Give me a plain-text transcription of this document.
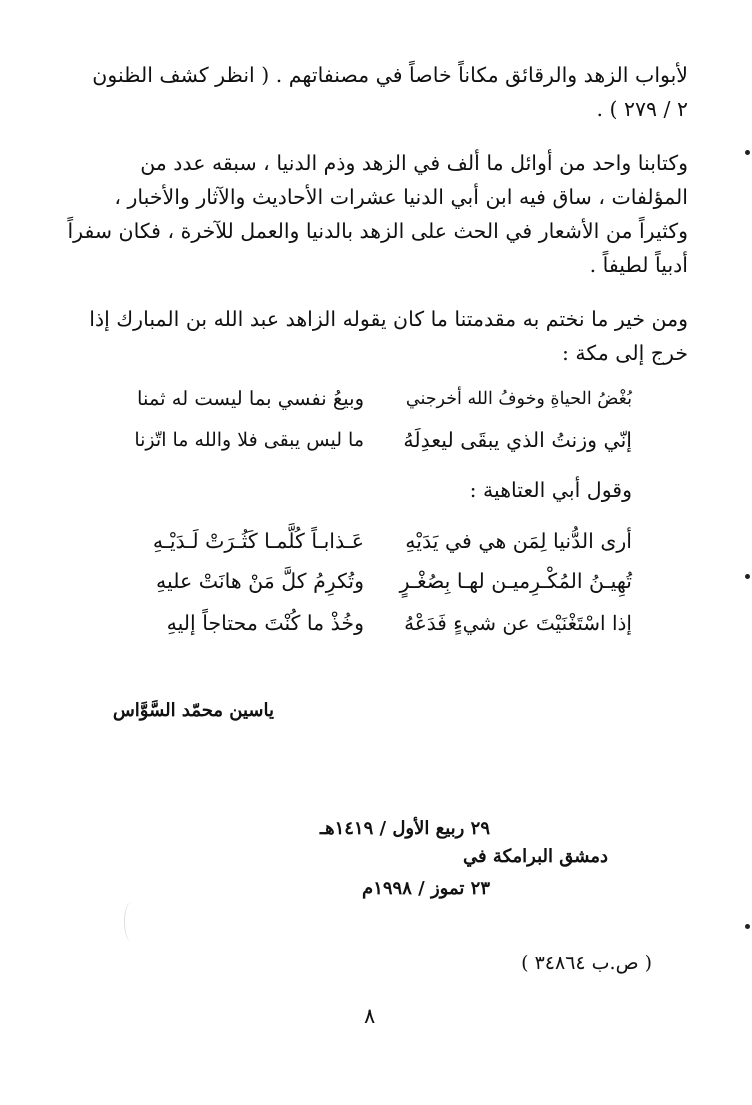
لأبواب الزهد والرقائق مكاناً خاصاً في مصنفاتهم . ( انظر كشف الظنون
٢ / ٢٧٩ ) .

وكتابنا واحد من أوائل ما ألف في الزهد وذم الدنيا ، سبقه عدد من
المؤلفات ، ساق فيه ابن أبي الدنيا عشرات الأحاديث والآثار والأخبار ،
وكثيراً من الأشعار في الحث على الزهد بالدنيا والعمل للآخرة ، فكان سفراً
أدبياً لطيفاً .

ومن خير ما نختم به مقدمتنا ما كان يقوله الزاهد عبد الله بن المبارك إذا
خرج إلى مكة :

بُغْضُ الحياةِ وخوفُ الله أخرجني
وبيعُ نفسي بما ليست له ثمنا
إنّي وزنتُ الذي يبقَى ليعدِلَهُ
ما ليس يبقى فلا والله ما اتّزنا
وقول أبي العتاهية :
أرى الدُّنيا لِمَن هي في يَدَيْهِ
عَـذابـاً كُلَّمـا كَثُـرَتْ لَـدَيْـهِ
تُهِيـنُ المُكْـرِميـن لهـا بِصُغْـرٍ
وتُكرِمُ كلَّ مَنْ هانَتْ عليهِ
إذا اسْتَغْنَيْتَ عن شيءٍ فَدَعْهُ
وخُذْ ما كُنْتَ محتاجاً إليهِ
ياسين محمّد السَّوَّاس
٢٩ ربيع الأول / ١٤١٩هـ
دمشق البرامكة في
٢٣ تموز / ١٩٩٨م
( ص.ب ٣٤٨٦٤ )
٨
